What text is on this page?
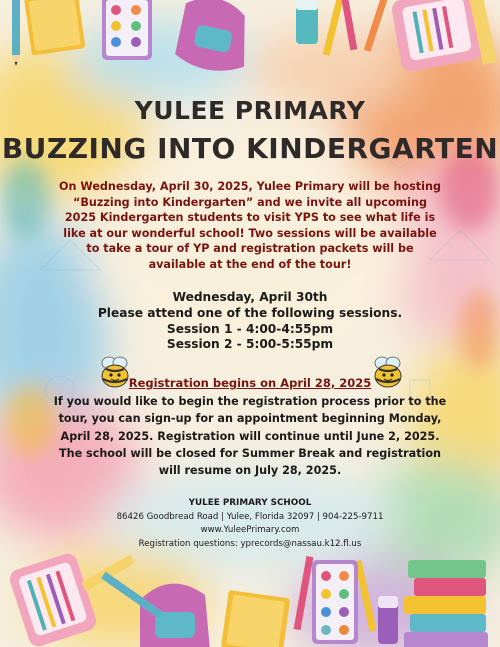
YULEE PRIMARY
BUZZING INTO KINDERGARTEN

On Wednesday, April 30, 2025, Yulee Primary will be hosting “Buzzing into Kindergarten” and we invite all upcoming 2025 Kindergarten students to visit YPS to see what life is like at our wonderful school! Two sessions will be available to take a tour of YP and registration packets will be available at the end of the tour!

Wednesday, April 30th
Please attend one of the following sessions.
Session 1 - 4:00-4:55pm
Session 2 - 5:00-5:55pm
Registration begins on April 28, 2025

If you would like to begin the registration process prior to the tour, you can sign-up for an appointment beginning Monday, April 28, 2025. Registration will continue until June 2, 2025. The school will be closed for Summer Break and registration will resume on July 28, 2025.

YULEE PRIMARY SCHOOL
86426 Goodbread Road | Yulee, Florida 32097 | 904-225-9711
www.YuleePrimary.com
Registration questions: yprecords@nassau.k12.fl.us
